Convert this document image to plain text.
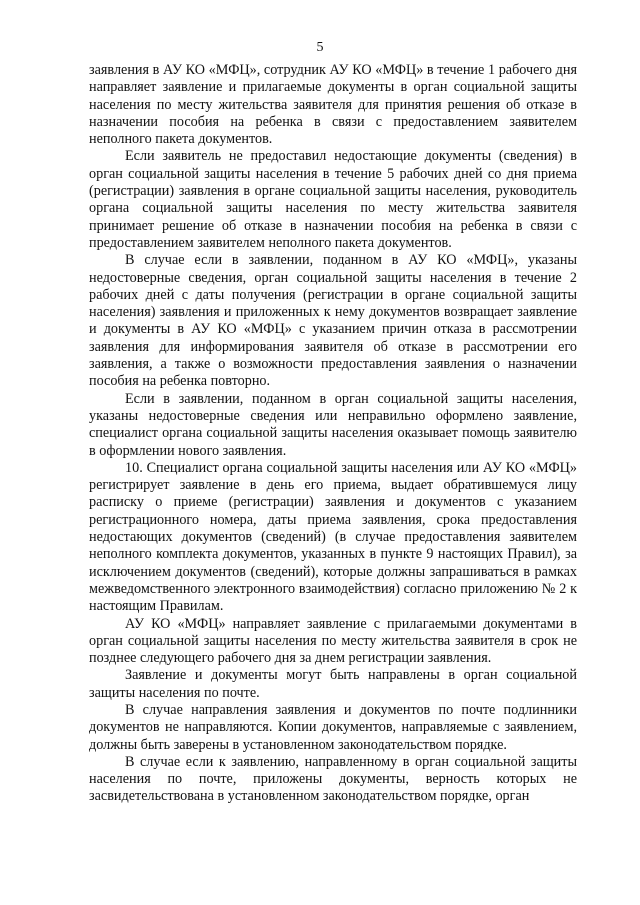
5

заявления в АУ КО «МФЦ», сотрудник АУ КО «МФЦ» в течение 1 рабочего дня направляет заявление и прилагаемые документы в орган социальной защиты населения по месту жительства заявителя для принятия решения об отказе в назначении пособия на ребенка в связи с предоставлением заявителем неполного пакета документов.

Если заявитель не предоставил недостающие документы (сведения) в орган социальной защиты населения в течение 5 рабочих дней со дня приема (регистрации) заявления в органе социальной защиты населения, руководитель органа социальной защиты населения по месту жительства заявителя принимает решение об отказе в назначении пособия на ребенка в связи с предоставлением заявителем неполного пакета документов.

В случае если в заявлении, поданном в АУ КО «МФЦ», указаны недостоверные сведения, орган социальной защиты населения в течение 2 рабочих дней с даты получения (регистрации в органе социальной защиты населения) заявления и приложенных к нему документов возвращает заявление и документы в АУ КО «МФЦ» с указанием причин отказа в рассмотрении заявления для информирования заявителя об отказе в рассмотрении его заявления, а также о возможности предоставления заявления о назначении пособия на ребенка повторно.

Если в заявлении, поданном в орган социальной защиты населения, указаны недостоверные сведения или неправильно оформлено заявление, специалист органа социальной защиты населения оказывает помощь заявителю в оформлении нового заявления.

10. Специалист органа социальной защиты населения или АУ КО «МФЦ» регистрирует заявление в день его приема, выдает обратившемуся лицу расписку о приеме (регистрации) заявления и документов с указанием регистрационного номера, даты приема заявления, срока предоставления недостающих документов (сведений) (в случае предоставления заявителем неполного комплекта документов, указанных в пункте 9 настоящих Правил), за исключением документов (сведений), которые должны запрашиваться в рамках межведомственного электронного взаимодействия) согласно приложению № 2 к настоящим Правилам.

АУ КО «МФЦ» направляет заявление с прилагаемыми документами в орган социальной защиты населения по месту жительства заявителя в срок не позднее следующего рабочего дня за днем регистрации заявления.

Заявление и документы могут быть направлены в орган социальной защиты населения по почте.

В случае направления заявления и документов по почте подлинники документов не направляются. Копии документов, направляемые с заявлением, должны быть заверены в установленном законодательством порядке.

В случае если к заявлению, направленному в орган социальной защиты населения по почте, приложены документы, верность которых не засвидетельствована в установленном законодательством порядке, орган
